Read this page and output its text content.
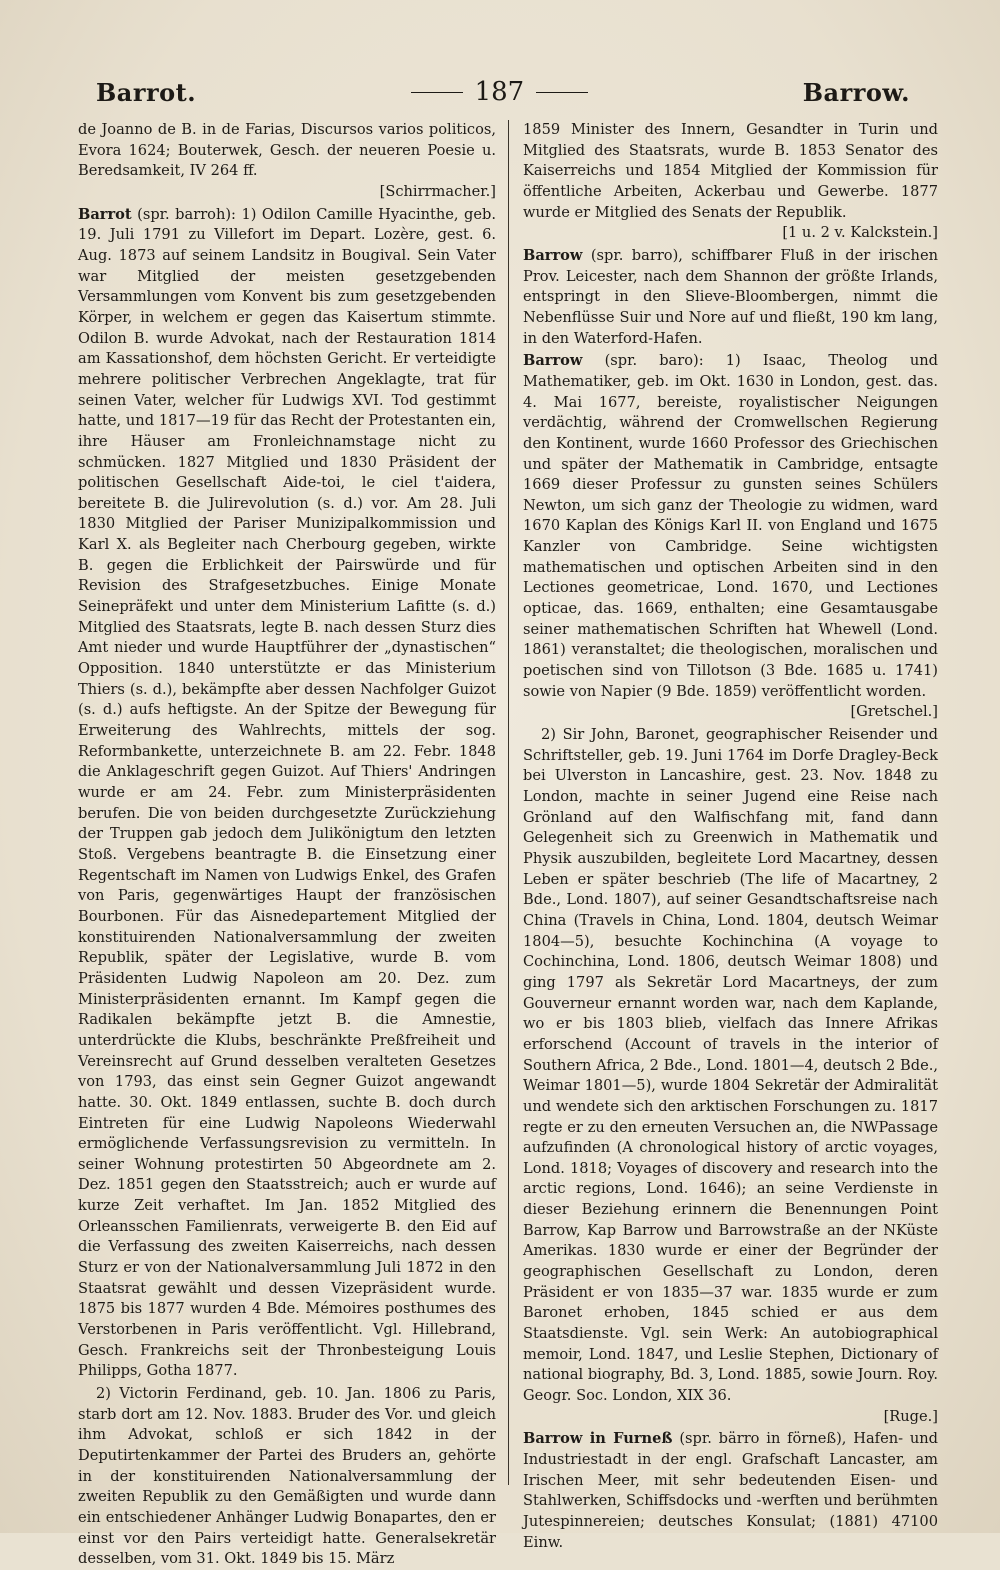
Barrot.	187	Barrow.

de Joanno de B. in de Farias, Discursos varios politicos, Evora 1624; Bouterwek, Gesch. der neueren Poesie u. Beredsamkeit, IV 264 ff.
[Schirrmacher.]

Barrot (spr. barroh): 1) Odilon Camille Hyacinthe, geb. 19. Juli 1791 zu Villefort im Depart. Lozère, gest. 6. Aug. 1873 auf seinem Landsitz in Bougival. Sein Vater war Mitglied der meisten gesetzgebenden Versammlungen vom Konvent bis zum gesetzgebenden Körper, in welchem er gegen das Kaisertum stimmte. Odilon B. wurde Advokat, nach der Restauration 1814 am Kassationshof, dem höchsten Gericht. Er verteidigte mehrere politischer Verbrechen Angeklagte, trat für seinen Vater, welcher für Ludwigs XVI. Tod gestimmt hatte, und 1817—19 für das Recht der Protestanten ein, ihre Häuser am Fronleichnamstage nicht zu schmücken. 1827 Mitglied und 1830 Präsident der politischen Gesellschaft Aide-toi, le ciel t'aidera, bereitete B. die Julirevolution (s. d.) vor. Am 28. Juli 1830 Mitglied der Pariser Munizipalkommission und Karl X. als Begleiter nach Cherbourg gegeben, wirkte B. gegen die Erblichkeit der Pairswürde und für Revision des Strafgesetzbuches. Einige Monate Seinepräfekt und unter dem Ministerium Lafitte (s. d.) Mitglied des Staatsrats, legte B. nach dessen Sturz dies Amt nieder und wurde Hauptführer der „dynastischen“ Opposition. 1840 unterstützte er das Ministerium Thiers (s. d.), bekämpfte aber dessen Nachfolger Guizot (s. d.) aufs heftigste. An der Spitze der Bewegung für Erweiterung des Wahlrechts, mittels der sog. Reformbankette, unterzeichnete B. am 22. Febr. 1848 die Anklageschrift gegen Guizot. Auf Thiers' Andringen wurde er am 24. Febr. zum Ministerpräsidenten berufen. Die von beiden durchgesetzte Zurückziehung der Truppen gab jedoch dem Julikönigtum den letzten Stoß. Vergebens beantragte B. die Einsetzung einer Regentschaft im Namen von Ludwigs Enkel, des Grafen von Paris, gegenwärtiges Haupt der französischen Bourbonen. Für das Aisnedepartement Mitglied der konstituirenden Nationalversammlung der zweiten Republik, später der Legislative, wurde B. vom Präsidenten Ludwig Napoleon am 20. Dez. zum Ministerpräsidenten ernannt. Im Kampf gegen die Radikalen bekämpfte jetzt B. die Amnestie, unterdrückte die Klubs, beschränkte Preßfreiheit und Vereinsrecht auf Grund desselben veralteten Gesetzes von 1793, das einst sein Gegner Guizot angewandt hatte. 30. Okt. 1849 entlassen, suchte B. doch durch Eintreten für eine Ludwig Napoleons Wiederwahl ermöglichende Verfassungsrevision zu vermitteln. In seiner Wohnung protestirten 50 Abgeordnete am 2. Dez. 1851 gegen den Staatsstreich; auch er wurde auf kurze Zeit verhaftet. Im Jan. 1852 Mitglied des Orleansschen Familienrats, verweigerte B. den Eid auf die Verfassung des zweiten Kaiserreichs, nach dessen Sturz er von der Nationalversammlung Juli 1872 in den Staatsrat gewählt und dessen Vizepräsident wurde. 1875 bis 1877 wurden 4 Bde. Mémoires posthumes des Verstorbenen in Paris veröffentlicht. Vgl. Hillebrand, Gesch. Frankreichs seit der Thronbesteigung Louis Philipps, Gotha 1877.

2) Victorin Ferdinand, geb. 10. Jan. 1806 zu Paris, starb dort am 12. Nov. 1883. Bruder des Vor. und gleich ihm Advokat, schloß er sich 1842 in der Deputirtenkammer der Partei des Bruders an, gehörte in der konstituirenden Nationalversammlung der zweiten Republik zu den Gemäßigten und wurde dann ein entschiedener Anhänger Ludwig Bonapartes, den er einst vor den Pairs verteidigt hatte. Generalsekretär desselben, vom 31. Okt. 1849 bis 15. März

1859 Minister des Innern, Gesandter in Turin und Mitglied des Staatsrats, wurde B. 1853 Senator des Kaiserreichs und 1854 Mitglied der Kommission für öffentliche Arbeiten, Ackerbau und Gewerbe. 1877 wurde er Mitglied des Senats der Republik.
[1 u. 2 v. Kalckstein.]

Barrow (spr. barro), schiffbarer Fluß in der irischen Prov. Leicester, nach dem Shannon der größte Irlands, entspringt in den Slieve-Bloombergen, nimmt die Nebenflüsse Suir und Nore auf und fließt, 190 km lang, in den Waterford-Hafen.

Barrow (spr. baro): 1) Isaac, Theolog und Mathematiker, geb. im Okt. 1630 in London, gest. das. 4. Mai 1677, bereiste, royalistischer Neigungen verdächtig, während der Cromwellschen Regierung den Kontinent, wurde 1660 Professor des Griechischen und später der Mathematik in Cambridge, entsagte 1669 dieser Professur zu gunsten seines Schülers Newton, um sich ganz der Theologie zu widmen, ward 1670 Kaplan des Königs Karl II. von England und 1675 Kanzler von Cambridge. Seine wichtigsten mathematischen und optischen Arbeiten sind in den Lectiones geometricae, Lond. 1670, und Lectiones opticae, das. 1669, enthalten; eine Gesamtausgabe seiner mathematischen Schriften hat Whewell (Lond. 1861) veranstaltet; die theologischen, moralischen und poetischen sind von Tillotson (3 Bde. 1685 u. 1741) sowie von Napier (9 Bde. 1859) veröffentlicht worden.
[Gretschel.]

2) Sir John, Baronet, geographischer Reisender und Schriftsteller, geb. 19. Juni 1764 im Dorfe Dragley-Beck bei Ulverston in Lancashire, gest. 23. Nov. 1848 zu London, machte in seiner Jugend eine Reise nach Grönland auf den Walfischfang mit, fand dann Gelegenheit sich zu Greenwich in Mathematik und Physik auszubilden, begleitete Lord Macartney, dessen Leben er später beschrieb (The life of Macartney, 2 Bde., Lond. 1807), auf seiner Gesandtschaftsreise nach China (Travels in China, Lond. 1804, deutsch Weimar 1804—5), besuchte Kochinchina (A voyage to Cochinchina, Lond. 1806, deutsch Weimar 1808) und ging 1797 als Sekretär Lord Macartneys, der zum Gouverneur ernannt worden war, nach dem Kaplande, wo er bis 1803 blieb, vielfach das Innere Afrikas erforschend (Account of travels in the interior of Southern Africa, 2 Bde., Lond. 1801—4, deutsch 2 Bde., Weimar 1801—5), wurde 1804 Sekretär der Admiralität und wendete sich den arktischen Forschungen zu. 1817 regte er zu den erneuten Versuchen an, die NWPassage aufzufinden (A chronological history of arctic voyages, Lond. 1818; Voyages of discovery and research into the arctic regions, Lond. 1646); an seine Verdienste in dieser Beziehung erinnern die Benennungen Point Barrow, Kap Barrow und Barrowstraße an der NKüste Amerikas. 1830 wurde er einer der Begründer der geographischen Gesellschaft zu London, deren Präsident er von 1835—37 war. 1835 wurde er zum Baronet erhoben, 1845 schied er aus dem Staatsdienste. Vgl. sein Werk: An autobiographical memoir, Lond. 1847, und Leslie Stephen, Dictionary of national biography, Bd. 3, Lond. 1885, sowie Journ. Roy. Geogr. Soc. London, XIX 36.
[Ruge.]

Barrow in Furneß (spr. bärro in förneß), Hafen- und Industriestadt in der engl. Grafschaft Lancaster, am Irischen Meer, mit sehr bedeutenden Eisen- und Stahlwerken, Schiffsdocks und -werften und berühmten Jutespinnereien; deutsches Konsulat; (1881) 47100 Einw.
